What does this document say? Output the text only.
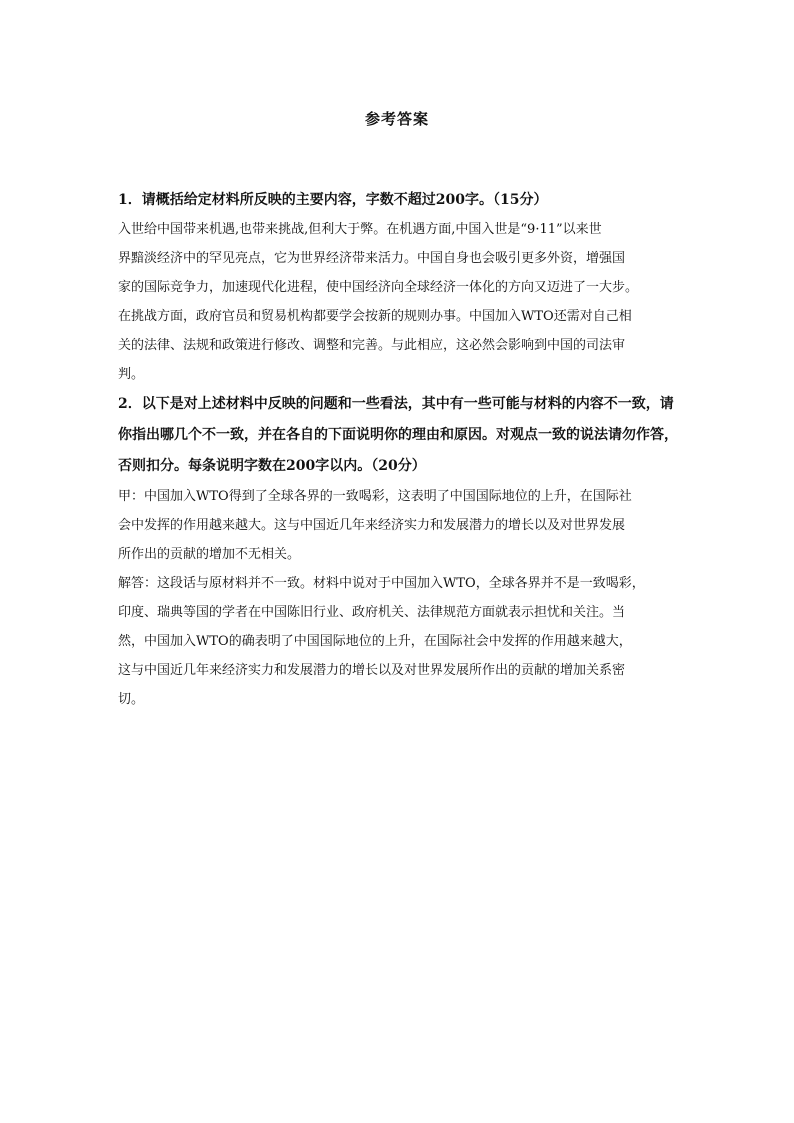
参考答案
1．请概括给定材料所反映的主要内容，字数不超过200字。（15分）
入世给中国带来机遇,也带来挑战,但利大于弊。在机遇方面,中国入世是“9·11”以来世
界黯淡经济中的罕见亮点，它为世界经济带来活力。中国自身也会吸引更多外资，增强国
家的国际竞争力，加速现代化进程，使中国经济向全球经济一体化的方向又迈进了一大步。
在挑战方面，政府官员和贸易机构都要学会按新的规则办事。中国加入WTO还需对自己相
关的法律、法规和政策进行修改、调整和完善。与此相应，这必然会影响到中国的司法审
判。
2．以下是对上述材料中反映的问题和一些看法，其中有一些可能与材料的内容不一致，请
你指出哪几个不一致，并在各自的下面说明你的理由和原因。对观点一致的说法请勿作答，
否则扣分。每条说明字数在200字以内。（20分）
甲：中国加入WTO得到了全球各界的一致喝彩，这表明了中国国际地位的上升，在国际社
会中发挥的作用越来越大。这与中国近几年来经济实力和发展潜力的增长以及对世界发展
所作出的贡献的增加不无相关。
解答：这段话与原材料并不一致。材料中说对于中国加入WTO，全球各界并不是一致喝彩，
印度、瑞典等国的学者在中国陈旧行业、政府机关、法律规范方面就表示担忧和关注。当
然，中国加入WTO的确表明了中国国际地位的上升，在国际社会中发挥的作用越来越大，
这与中国近几年来经济实力和发展潜力的增长以及对世界发展所作出的贡献的增加关系密
切。
